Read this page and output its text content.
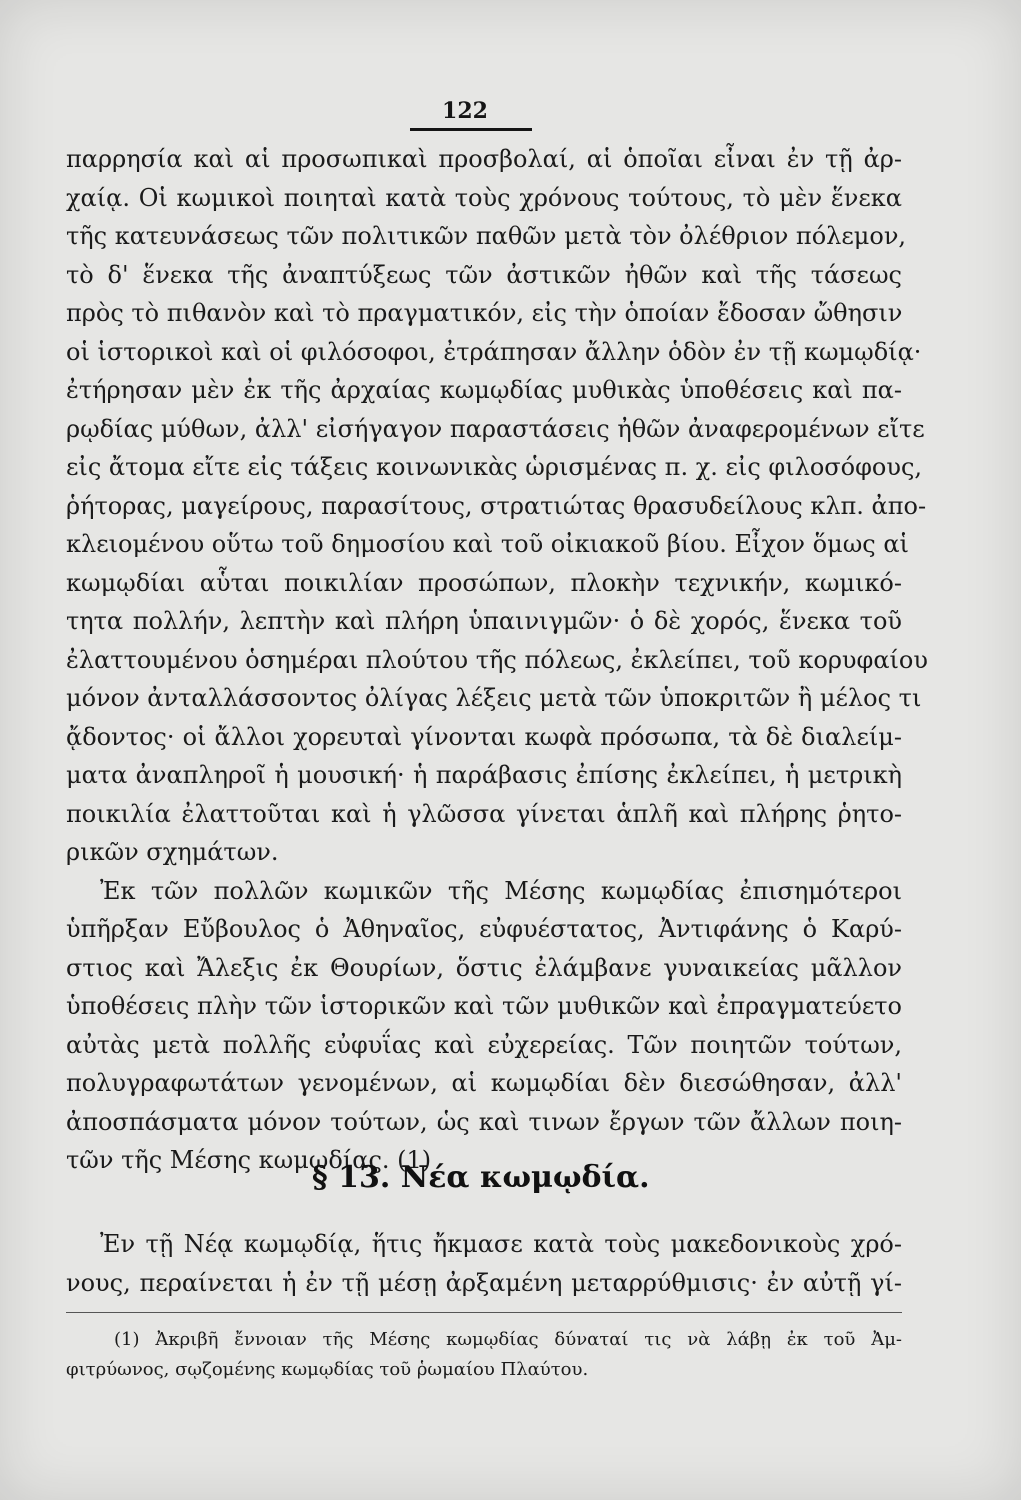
122
παρρησία καὶ αἱ προσωπικαὶ προσβολαί, αἱ ὁποῖαι εἶναι ἐν τῇ ἀρ-
χαίᾳ. Οἱ κωμικοὶ ποιηταὶ κατὰ τοὺς χρόνους τούτους, τὸ μὲν ἕνεκα
τῆς κατευνάσεως τῶν πολιτικῶν παθῶν μετὰ τὸν ὀλέθριον πόλεμον,
τὸ δ' ἕνεκα τῆς ἀναπτύξεως τῶν ἀστικῶν ἠθῶν καὶ τῆς τάσεως
πρὸς τὸ πιθανὸν καὶ τὸ πραγματικόν, εἰς τὴν ὁποίαν ἔδοσαν ὤθησιν
οἱ ἱστορικοὶ καὶ οἱ φιλόσοφοι, ἐτράπησαν ἄλλην ὁδὸν ἐν τῇ κωμῳδίᾳ·
ἐτήρησαν μὲν ἐκ τῆς ἀρχαίας κωμῳδίας μυθικὰς ὑποθέσεις καὶ πα-
ρῳδίας μύθων, ἀλλ' εἰσήγαγον παραστάσεις ἠθῶν ἀναφερομένων εἴτε
εἰς ἄτομα εἴτε εἰς τάξεις κοινωνικὰς ὡρισμένας π. χ. εἰς φιλοσόφους,
ῥήτορας, μαγείρους, παρασίτους, στρατιώτας θρασυδείλους κλπ. ἀπο-
κλειομένου οὕτω τοῦ δημοσίου καὶ τοῦ οἰκιακοῦ βίου. Εἶχον ὅμως αἱ
κωμῳδίαι αὗται ποικιλίαν προσώπων, πλοκὴν τεχνικήν, κωμικό-
τητα πολλήν, λεπτὴν καὶ πλήρη ὑπαινιγμῶν· ὁ δὲ χορός, ἕνεκα τοῦ
ἐλαττουμένου ὁσημέραι πλούτου τῆς πόλεως, ἐκλείπει, τοῦ κορυφαίου
μόνον ἀνταλλάσσοντος ὀλίγας λέξεις μετὰ τῶν ὑποκριτῶν ἢ μέλος τι
ᾄδοντος· οἱ ἄλλοι χορευταὶ γίνονται κωφὰ πρόσωπα, τὰ δὲ διαλείμ-
ματα ἀναπληροῖ ἡ μουσική· ἡ παράβασις ἐπίσης ἐκλείπει, ἡ μετρικὴ
ποικιλία ἐλαττοῦται καὶ ἡ γλῶσσα γίνεται ἁπλῆ καὶ πλήρης ῥητο-
ρικῶν σχημάτων.
Ἐκ τῶν πολλῶν κωμικῶν τῆς Μέσης κωμῳδίας ἐπισημότεροι
ὑπῆρξαν Εὔβουλος ὁ Ἀθηναῖος, εὐφυέστατος, Ἀντιφάνης ὁ Καρύ-
στιος καὶ Ἄλεξις ἐκ Θουρίων, ὅστις ἐλάμβανε γυναικείας μᾶλλον
ὑποθέσεις πλὴν τῶν ἱστορικῶν καὶ τῶν μυθικῶν καὶ ἐπραγματεύετο
αὐτὰς μετὰ πολλῆς εὐφυΐας καὶ εὐχερείας. Τῶν ποιητῶν τούτων,
πολυγραφωτάτων γενομένων, αἱ κωμῳδίαι δὲν διεσώθησαν, ἀλλ'
ἀποσπάσματα μόνον τούτων, ὡς καὶ τινων ἔργων τῶν ἄλλων ποιη-
τῶν τῆς Μέσης κωμῳδίας. (1)
§ 13. Νέα κωμῳδία.
Ἐν τῇ Νέᾳ κωμῳδίᾳ, ἥτις ἤκμασε κατὰ τοὺς μακεδονικοὺς χρό-
νους, περαίνεται ἡ ἐν τῇ μέσῃ ἀρξαμένη μεταρρύθμισις· ἐν αὐτῇ γί-
(1) Ἀκριβῆ ἔννοιαν τῆς Μέσης κωμῳδίας δύναταί τις νὰ λάβῃ ἐκ τοῦ Ἀμ-
φιτρύωνος, σῳζομένης κωμῳδίας τοῦ ῥωμαίου Πλαύτου.
